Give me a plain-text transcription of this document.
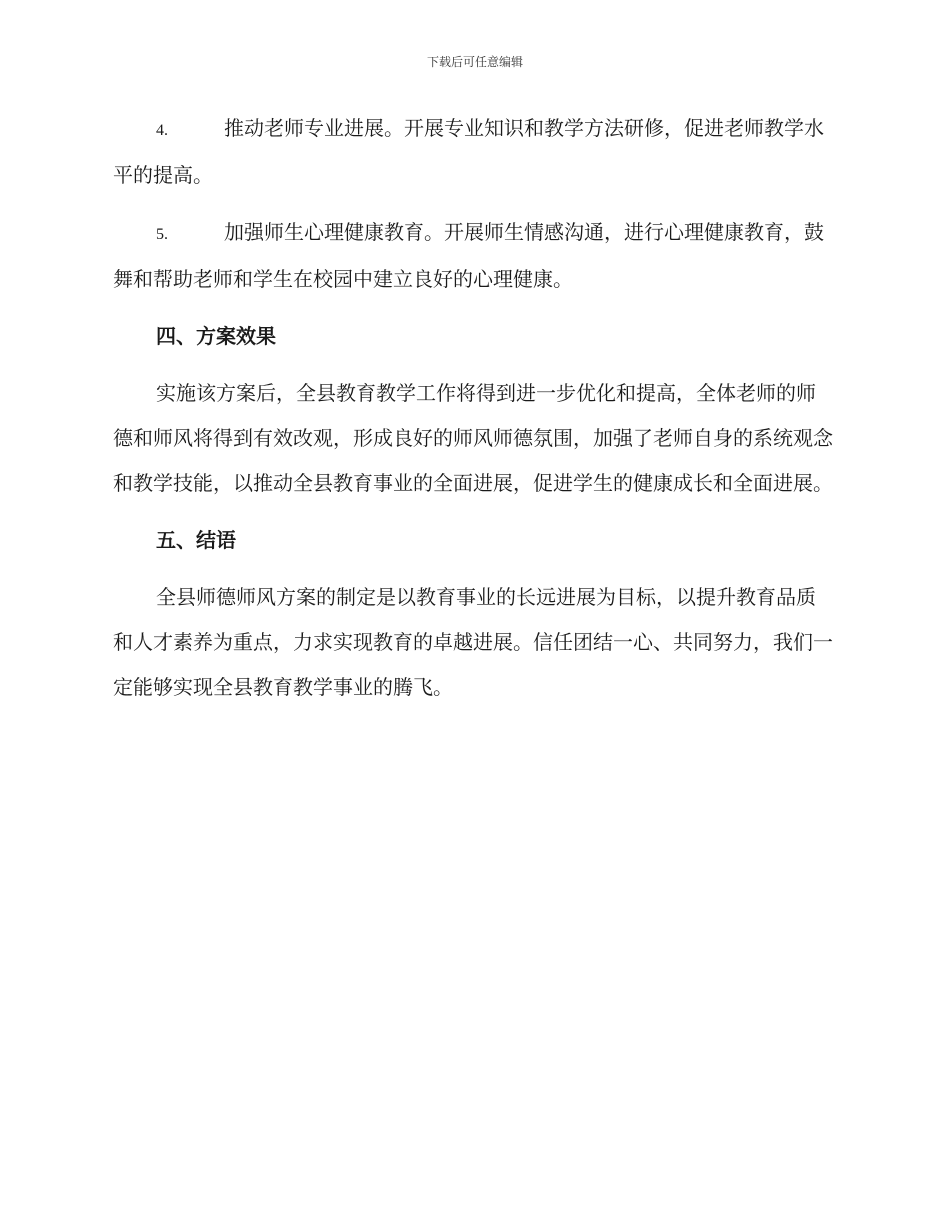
下载后可任意编辑

4.	推动老师专业进展。开展专业知识和教学方法研修，促进老师教学水平的提高。

5.	加强师生心理健康教育。开展师生情感沟通，进行心理健康教育，鼓舞和帮助老师和学生在校园中建立良好的心理健康。

四、方案效果

实施该方案后，全县教育教学工作将得到进一步优化和提高，全体老师的师德和师风将得到有效改观，形成良好的师风师德氛围，加强了老师自身的系统观念和教学技能，以推动全县教育事业的全面进展，促进学生的健康成长和全面进展。

五、结语

全县师德师风方案的制定是以教育事业的长远进展为目标，以提升教育品质和人才素养为重点，力求实现教育的卓越进展。信任团结一心、共同努力，我们一定能够实现全县教育教学事业的腾飞。
